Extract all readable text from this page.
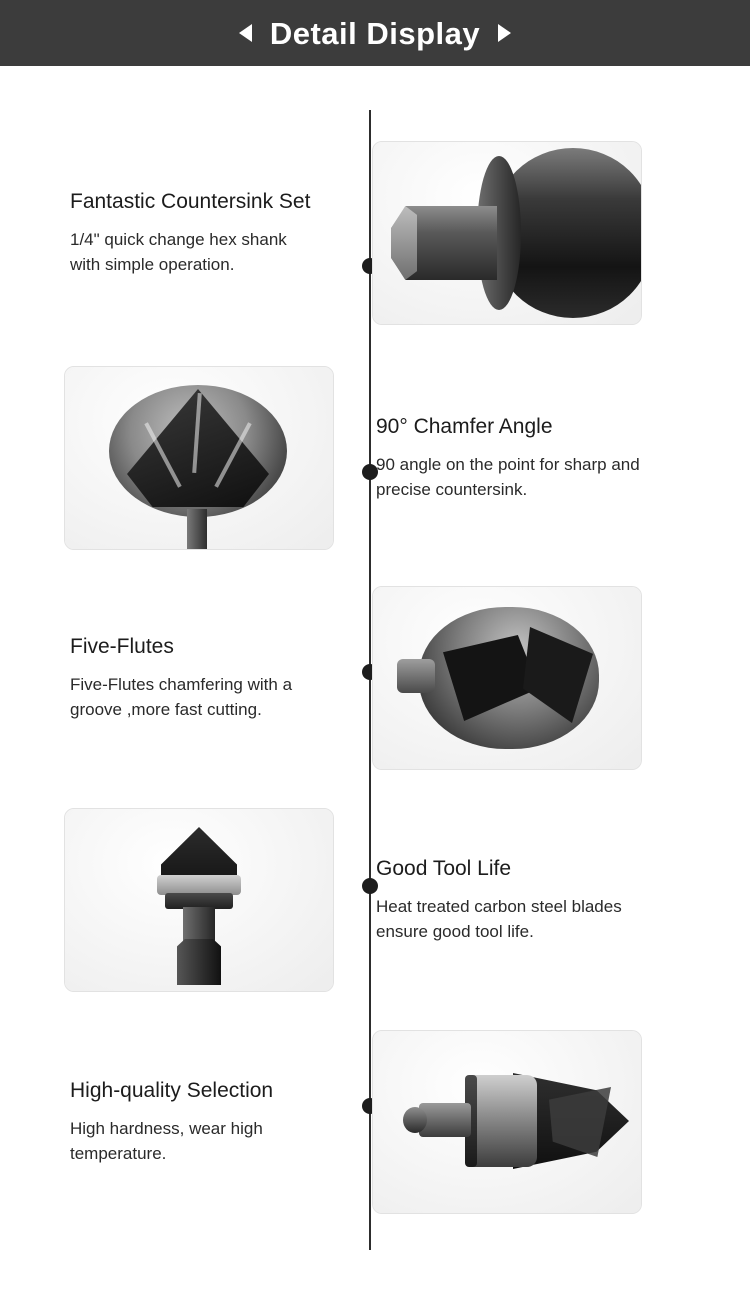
Detail Display

Fantastic Countersink Set

1/4" quick change hex shank with simple operation.

90° Chamfer Angle

90 angle on the point for sharp and precise countersink.

Five-Flutes

Five-Flutes chamfering with a groove ,more fast cutting.

Good Tool Life

Heat treated carbon steel blades ensure good tool life.

High-quality Selection

High hardness, wear high temperature.
